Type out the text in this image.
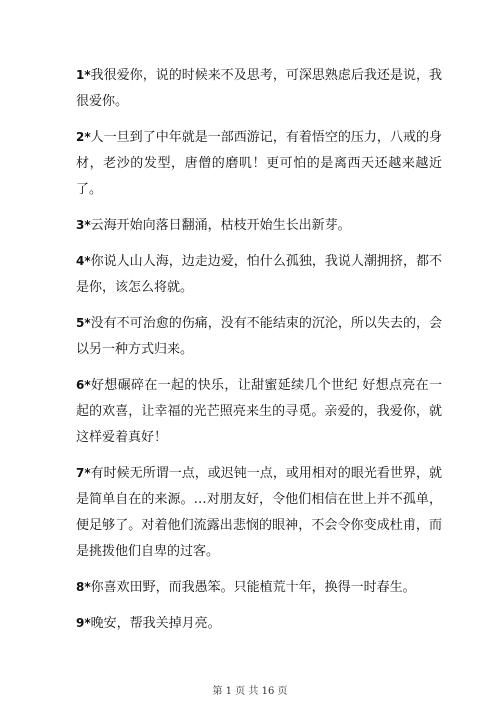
1*我很爱你，说的时候来不及思考，可深思熟虑后我还是说，我很爱你。

2*人一旦到了中年就是一部西游记，有着悟空的压力，八戒的身材，老沙的发型，唐僧的磨叽！更可怕的是离西天还越来越近了。

3*云海开始向落日翻涌，枯枝开始生长出新芽。

4*你说人山人海，边走边爱，怕什么孤独，我说人潮拥挤，都不是你，该怎么将就。

5*没有不可治愈的伤痛，没有不能结束的沉沦，所以失去的，会以另一种方式归来。

6*好想碾碎在一起的快乐，让甜蜜延续几个世纪 好想点亮在一起的欢喜，让幸福的光芒照亮来生的寻觅。亲爱的，我爱你，就这样爱着真好！

7*有时候无所谓一点，或迟钝一点，或用相对的眼光看世界，就是简单自在的来源。…对朋友好，令他们相信在世上并不孤单，便足够了。对着他们流露出悲悯的眼神，不会令你变成杜甫，而是挑拨他们自卑的过客。

8*你喜欢田野，而我愚笨。只能植荒十年，换得一时春生。

9*晚安，帮我关掉月亮。

第 1 页 共 16 页
